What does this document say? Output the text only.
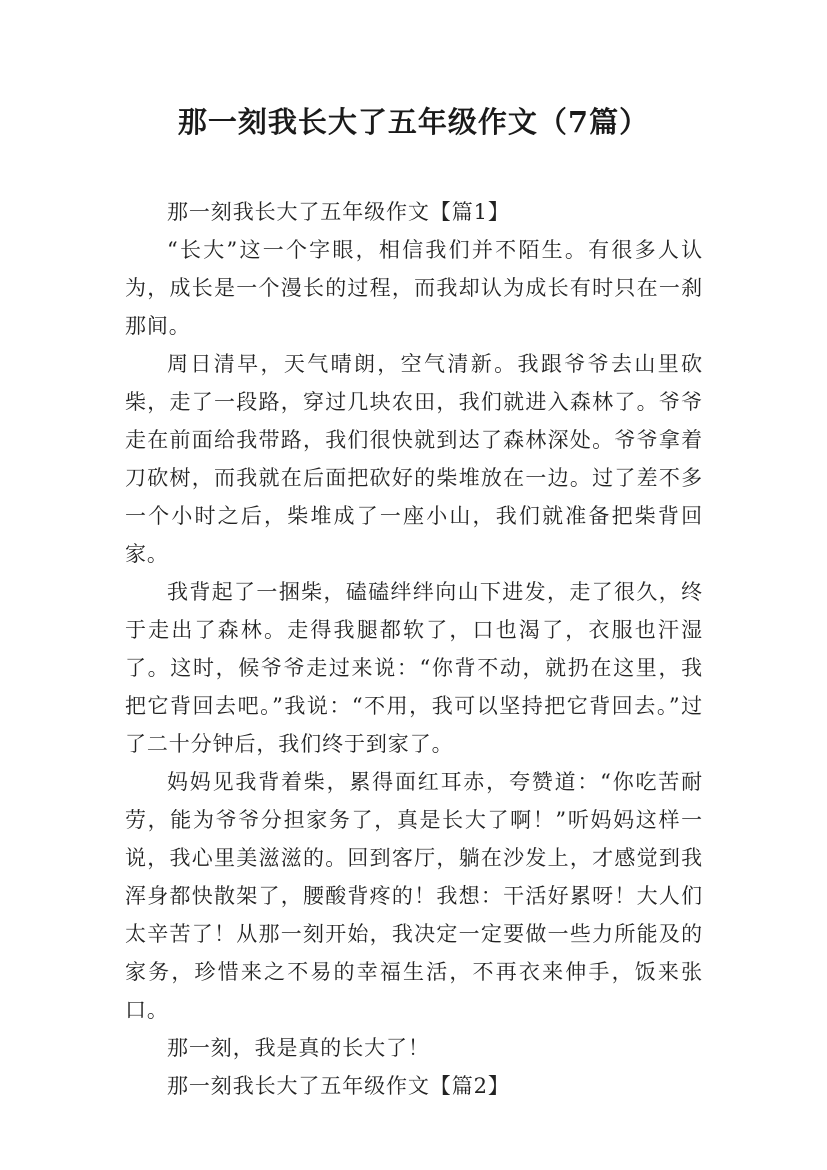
那一刻我长大了五年级作文（7篇）

那一刻我长大了五年级作文【篇1】

“长大”这一个字眼，相信我们并不陌生。有很多人认为，成长是一个漫长的过程，而我却认为成长有时只在一刹那间。

周日清早，天气晴朗，空气清新。我跟爷爷去山里砍柴，走了一段路，穿过几块农田，我们就进入森林了。爷爷走在前面给我带路，我们很快就到达了森林深处。爷爷拿着刀砍树，而我就在后面把砍好的柴堆放在一边。过了差不多一个小时之后，柴堆成了一座小山，我们就准备把柴背回家。

我背起了一捆柴，磕磕绊绊向山下进发，走了很久，终于走出了森林。走得我腿都软了，口也渴了，衣服也汗湿了。这时，候爷爷走过来说：“你背不动，就扔在这里，我把它背回去吧。”我说：“不用，我可以坚持把它背回去。”过了二十分钟后，我们终于到家了。

妈妈见我背着柴，累得面红耳赤，夸赞道：“你吃苦耐劳，能为爷爷分担家务了，真是长大了啊！”听妈妈这样一说，我心里美滋滋的。回到客厅，躺在沙发上，才感觉到我浑身都快散架了，腰酸背疼的！我想：干活好累呀！大人们太辛苦了！从那一刻开始，我决定一定要做一些力所能及的家务，珍惜来之不易的幸福生活，不再衣来伸手，饭来张口。

那一刻，我是真的长大了！

那一刻我长大了五年级作文【篇2】
